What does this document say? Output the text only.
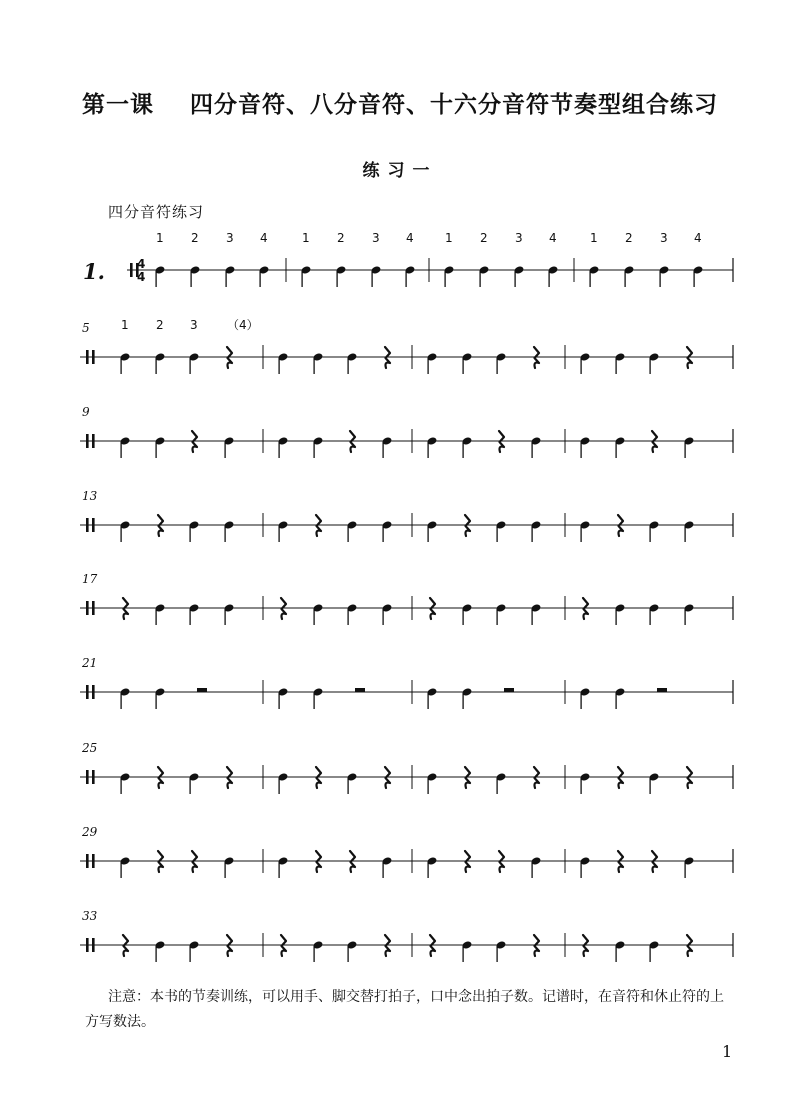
第一课    四分音符、八分音符、十六分音符节奏型组合练习
练习一
四分音符练习
1.	4
4
1 2 3 4	1 2 3 4	1 2 3 4	1 2 3 4
5	1 2 3 （4）
9
13
17
21
25
29
33
注意：本书的节奏训练，可以用手、脚交替打拍子，口中念出拍子数。记谱时，在音符和休止符的上
方写数法。
1
